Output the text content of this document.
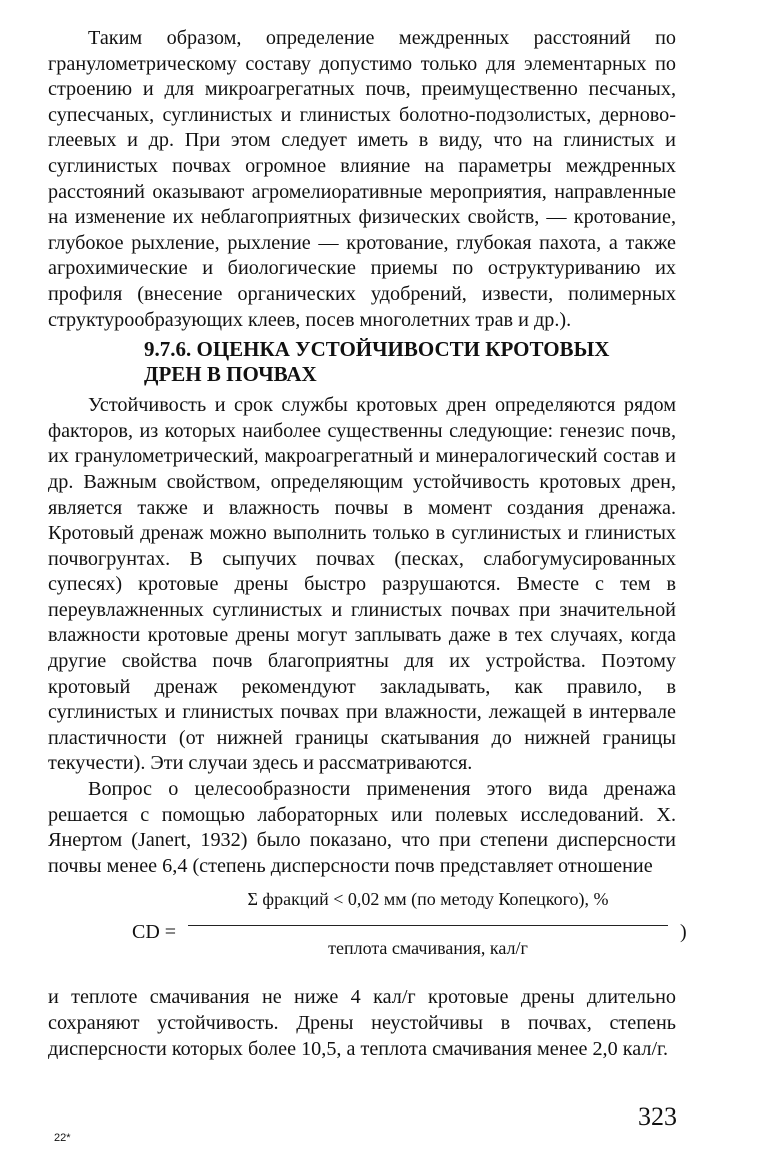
Таким образом, определение междренных расстояний по гранулометрическому составу допустимо только для элементарных по строению и для микроагрегатных почв, преимущественно песчаных, супесчаных, суглинистых и глинистых болотно-подзолистых, дерново-глеевых и др. При этом следует иметь в виду, что на глинистых и суглинистых почвах огромное влияние на параметры междренных расстояний оказывают агромелиоративные мероприятия, направленные на изменение их неблагоприятных физических свойств, — кротование, глубокое рыхление, рыхление — кротование, глубокая пахота, а также агрохимические и биологические приемы по оструктуриванию их профиля (внесение органических удобрений, извести, полимерных структурообразующих клеев, посев многолетних трав и др.).

9.7.6. ОЦЕНКА УСТОЙЧИВОСТИ КРОТОВЫХ
ДРЕН В ПОЧВАХ

Устойчивость и срок службы кротовых дрен определяются рядом факторов, из которых наиболее существенны следующие: генезис почв, их гранулометрический, макроагрегатный и минералогический состав и др. Важным свойством, определяющим устойчивость кротовых дрен, является также и влажность почвы в момент создания дренажа. Кротовый дренаж можно выполнить только в суглинистых и глинистых почвогрунтах. В сыпучих почвах (песках, слабогумусированных супесях) кротовые дрены быстро разрушаются. Вместе с тем в переувлажненных суглинистых и глинистых почвах при значительной влажности кротовые дрены могут заплывать даже в тех случаях, когда другие свойства почв благоприятны для их устройства. Поэтому кротовый дренаж рекомендуют закладывать, как правило, в суглинистых и глинистых почвах при влажности, лежащей в интервале пластичности (от нижней границы скатывания до нижней границы текучести). Эти случаи здесь и рассматриваются.

Вопрос о целесообразности применения этого вида дренажа решается с помощью лабораторных или полевых исследований. Х. Янертом (Janert, 1932) было показано, что при степени дисперсности почвы менее 6,4 (степень дисперсности почв представляет отношение

CD =
Σ фракций < 0,02 мм (по методу Копецкого), %
теплота смачивания, кал/г
)

и теплоте смачивания не ниже 4 кал/г кротовые дрены длительно сохраняют устойчивость. Дрены неустойчивы в почвах, степень дисперсности которых более 10,5, а теплота смачивания менее 2,0 кал/г.

323
22*
